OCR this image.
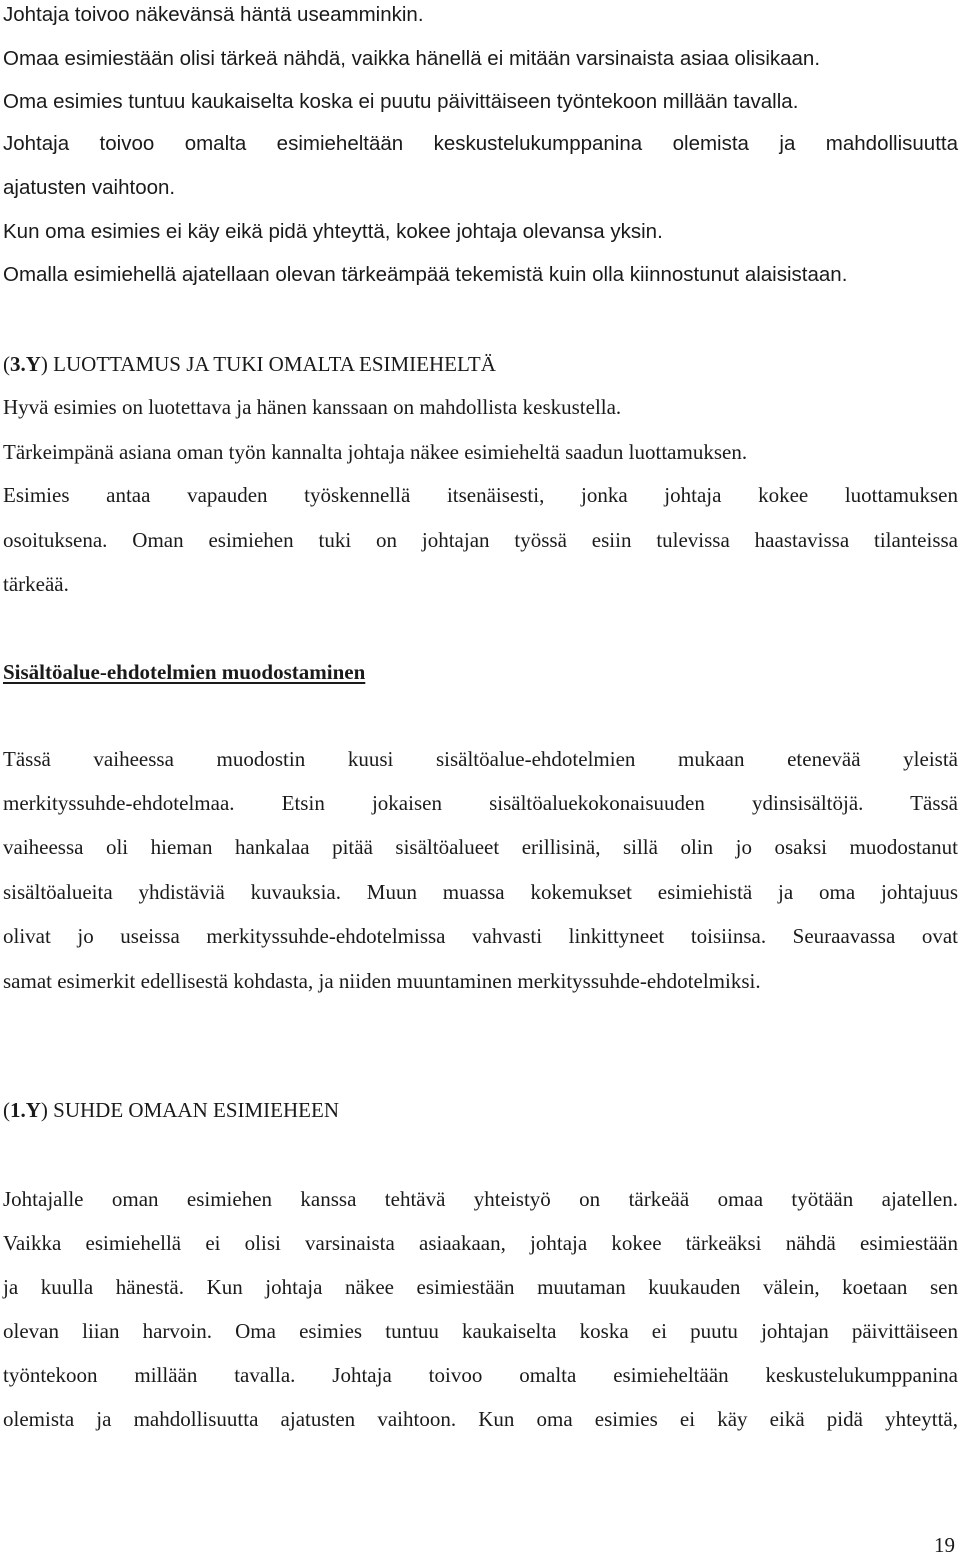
Johtaja toivoo näkevänsä häntä useamminkin.
Omaa esimiestään olisi tärkeä nähdä, vaikka hänellä ei mitään varsinaista asiaa olisikaan.
Oma esimies tuntuu kaukaiselta koska ei puutu päivittäiseen työntekoon millään tavalla.
Johtaja toivoo omalta esimieheltään keskustelukumppanina olemista ja mahdollisuutta
ajatusten vaihtoon.
Kun oma esimies ei käy eikä pidä yhteyttä, kokee johtaja olevansa yksin.
Omalla esimiehellä ajatellaan olevan tärkeämpää tekemistä kuin olla kiinnostunut alaisistaan.
(3.Y) LUOTTAMUS JA TUKI OMALTA ESIMIEHELTÄ
Hyvä esimies on luotettava ja hänen kanssaan on mahdollista keskustella.
Tärkeimpänä asiana oman työn kannalta johtaja näkee esimieheltä saadun luottamuksen.
Esimies antaa vapauden työskennellä itsenäisesti, jonka johtaja kokee luottamuksen
osoituksena. Oman esimiehen tuki on johtajan työssä esiin tulevissa haastavissa tilanteissa
tärkeää.
Sisältöalue-ehdotelmien muodostaminen
Tässä vaiheessa muodostin kuusi sisältöalue-ehdotelmien mukaan etenevää yleistä
merkityssuhde-ehdotelmaa. Etsin jokaisen sisältöaluekokonaisuuden ydinsisältöjä. Tässä
vaiheessa oli hieman hankalaa pitää sisältöalueet erillisinä, sillä olin jo osaksi muodostanut
sisältöalueita yhdistäviä kuvauksia. Muun muassa kokemukset esimiehistä ja oma johtajuus
olivat jo useissa merkityssuhde-ehdotelmissa vahvasti linkittyneet toisiinsa. Seuraavassa ovat
samat esimerkit edellisestä kohdasta, ja niiden muuntaminen merkityssuhde-ehdotelmiksi.
(1.Y) SUHDE OMAAN ESIMIEHEEN
Johtajalle oman esimiehen kanssa tehtävä yhteistyö on tärkeää omaa työtään ajatellen.
Vaikka esimiehellä ei olisi varsinaista asiaakaan, johtaja kokee tärkeäksi nähdä esimiestään
ja kuulla hänestä. Kun johtaja näkee esimiestään muutaman kuukauden välein, koetaan sen
olevan liian harvoin. Oma esimies tuntuu kaukaiselta koska ei puutu johtajan päivittäiseen
työntekoon millään tavalla. Johtaja toivoo omalta esimieheltään keskustelukumppanina
olemista ja mahdollisuutta ajatusten vaihtoon. Kun oma esimies ei käy eikä pidä yhteyttä,
19
